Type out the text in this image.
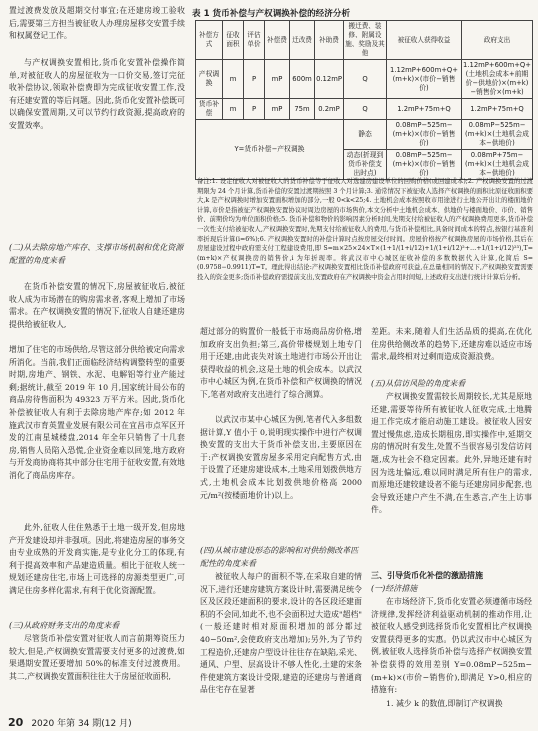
置过渡费发放及超期交付事宜;在还建房竣工验收后,需要第三方担当被征收人办理房屋移交安置手续和权属登记工作。

与产权调换安置相比,货币化安置补偿操作简单,对被征收人的房屋征收为一口价交易,签订完征收补偿协议,领取补偿费即为完成征收安置工作,没有还建安置的等后问题。因此,货币化安置补偿既可以确保安置周期,又可以节约行政资源,提高政府的安置效率。

(二)从去除房地产库存、支撑市场机制和优化资源配置的角度来看

在货币补偿安置的情况下,房屋被征收后,被征收人成为市场潜在的购房需求者,客观上增加了市场需求。在产权调换安置的情况下,征收人自建还建房提供给被征收人,

增加了住宅的市场供给,尽管这部分供给被定向需求所消化。当前,我们正面临经济结构调整转型的重要时期,房地产、钢铁、水泥、电解铝等行业产能过剩;据统计,截至 2019 年 10 月,国家统计局公布的商品房待售面积为 49323 万平方米。因此,货币化补偿被征收人有利于去除房地产库存;如 2012 年施武汉市育英置业发展有限公司在宜昌市点军区开发的江南星城楼盘,2014 年全年只销售了十几套房,销售人员陷入恐慌,企业资金难以回笼,地方政府与开发商协商将其中部分住宅用于征收安置,有效地消化了商品房库存。

此外,征收人住住熟悉于土地一级开发,但房地产开发建设却并非强项。因此,将建造房屋的事务交由专业成熟的开发商实施,是专业化分工的体现,有利于提高效率和产品建造质量。相比于征收人统一规划还建房住宅,市场上可选择的房源类型更广,可满足住房多样化需求,有利于优化资源配置。

(三)从政府财务支出的角度来看

尽管货币补偿安置对征收人而言前期筹资压力较大,但是,产权调换安置需要支付更多的过渡费,如果遇期安置还要增加 50%的标准支付过渡费用。其二,产权调换安置面积往往大于房屋征收面积,

表 1 货币补偿与产权调换补偿的经济分析

补偿方式	征收面积	评估单价	补偿费	迁改费	补助费	搬迁费、装修、附属设施、奖励及其他	被征收人获得收益	政府支出
产权调换	m	P	mP	600m	0.12mP	Q	1.12mP+600m+Q+(m+k)×(市价−销售价)	1.12mP+600m+Q+(土地机会成本+前期价−供地价)×(m+k)−销售价×(m+k)
货币补偿	m	P	mP	75m	0.2mP	Q	1.2mP+75m+Q	1.2mP+75m+Q
Y=货币补偿−产权调换						静态	0.08mP−525m−(m+k)×(市价−销售价)	0.08mP−525m−(m+k)×(土地机会成本−供地价)
						动态(折现到货币补偿支出时点)	0.08mP−525m−(m+k)×(市价−销售价)	0.08mP+75m−(m+k)×(土地机会成本−供地价)
备注:1. 设定征收人对被征收人的货币补偿等于征收人对选建房建设单位的回购价格(或回建成本);2. 产权调换安置的过渡期限为 24 个月计算,货币补偿的安置过渡期按照 3 个月计算;3. 通常情况下被征收人选择产权调换的面积比原征收面积要大,k 是产权调换时增加安置面积增加的部分,一般 0<k<25;4. 土地机会成本按照收市用途进行土地公开出让的楼面地价计算,市价是指被征产权调换安置协议时周边房屋的市场售价,本文分析中土地机会成本、供地价与楼面地价、市价、销售价、前期价均为单位面积价格;5. 货币补偿和物价的影响因素分析时间,先期支付给被征收人的产权调换费用更多,货币补偿一次性支付给被征收人,产权调换安置时,先期支付给被征收人的费用,与货币补偿相比,具备时间成本的特点,按银行基准利率折现后计算(i=6%);6. 产权调换安置时的补偿计算时点按房屋交付时间。房屋价格按产权调换房屋的市场价格,其后在房屋建设过程中政府需支付工程建设费用,即 S=m×25×24×T×(1+1/(1+i/12)+1/(1+i/12)²+…+1/(1+i/12)²³),T=(m+k)×产权调换房的销售价,i 为年折现率。将武汉市中心城区征收补偿的多数数据代入计算,化简后 S=(0.9758−0.9911)T=T。理此得出结论:产权调换安置相比货币补偿政府可获益,在总量相同的情况下,产权调换安置需要投入的资金更多;货币补偿政府需提前支出,安置政府在产权调换中资金占用时间短,上述政府支出进行统计计算后分析。

超过部分的购置价一般低于市场商品房价格,增加政府支出负担;第三,高价带楼规划上地专门用于还建,由此丧失对该土地进行市场公开出让获得收益的机会,这是土地的机会成本。以武汉市中心城区为例,在货币补偿和产权调换的情况下,笔者对政府支出进行了综合测算。

以武汉市某中心城区为例,笔者代入多组数据计算,Y 值小于 0,说明现实操作中进行产权调换安置的支出大于货币补偿支出,主要原因在于:产权调换安置房屋多采用定向配售方式,由于设置了还建房建设成本,土地采用划拨供地方式,土地机会成本比划拨供地价格高 2000 元/m²(按楼面地价计)以上。

(四)从城市建设形态的影响和对供给侧改革匹配性的角度来看

被征收人每户的面积不等,在采取自建的情况下,进行还建房建筑方案设计时,需要满足统令区及区段还建面积的要求,设计的各区段还建面积的不会同,如此不,也不会面积过大造成"超档"(一般还建时相对原面积增加的部分都过 40−50m²,会使政府支出增加);另外,为了节约工程造价,还建房户型设计往往存在缺陷,采光、通风、户型、层高设计不够人性化,土建的宋条件使建筑方案设计受限,建造的还建房与普通商品住宅存在显著

差距。未来,随着人们生活品质的提高,在优化住房供给侧改革的趋势下,还建房难以适应市场需求,最终相对过剩而造成资源浪费。

(五)从信访风险的角度来看

产权调换安置需较长周期较长,尤其是原地还建,需要等待所有被征收人征收完成,土地腾退工作完成才能启动施工建设。被征收人因安置过慢焦虑,造成长期租房,即实操作中,延期交房的情况时有发生,处置不当很容易引发信访问题,成为社会不稳定因素。此外,异地还建有时因为选址偏远,难以同时满足所有住户的需求,而原地还建较建设者不能与还建房同步配套,也会导致还建户产生不满,在生悉言,产生上访事件。

三、引导货币化补偿的激励措施

(一)经济措施

在市场经济下,货币化安置必须遵循市场经济规律,发挥经济利益驱动机制的推动作用,让被征收人感受到选择货币化安置相比产权调换安置获得更多的实惠。仍以武汉市中心城区为例,被征收人选择货币补偿与选择产权调换安置补偿获得的效用差别 Y=0.08mP−525m−(m+k)×(市价−销售价),即满足 Y>0,相应的措施有:

1. 减少 k 的数值,即制订产权调换

20 2020 年第 34 期(12 月)
